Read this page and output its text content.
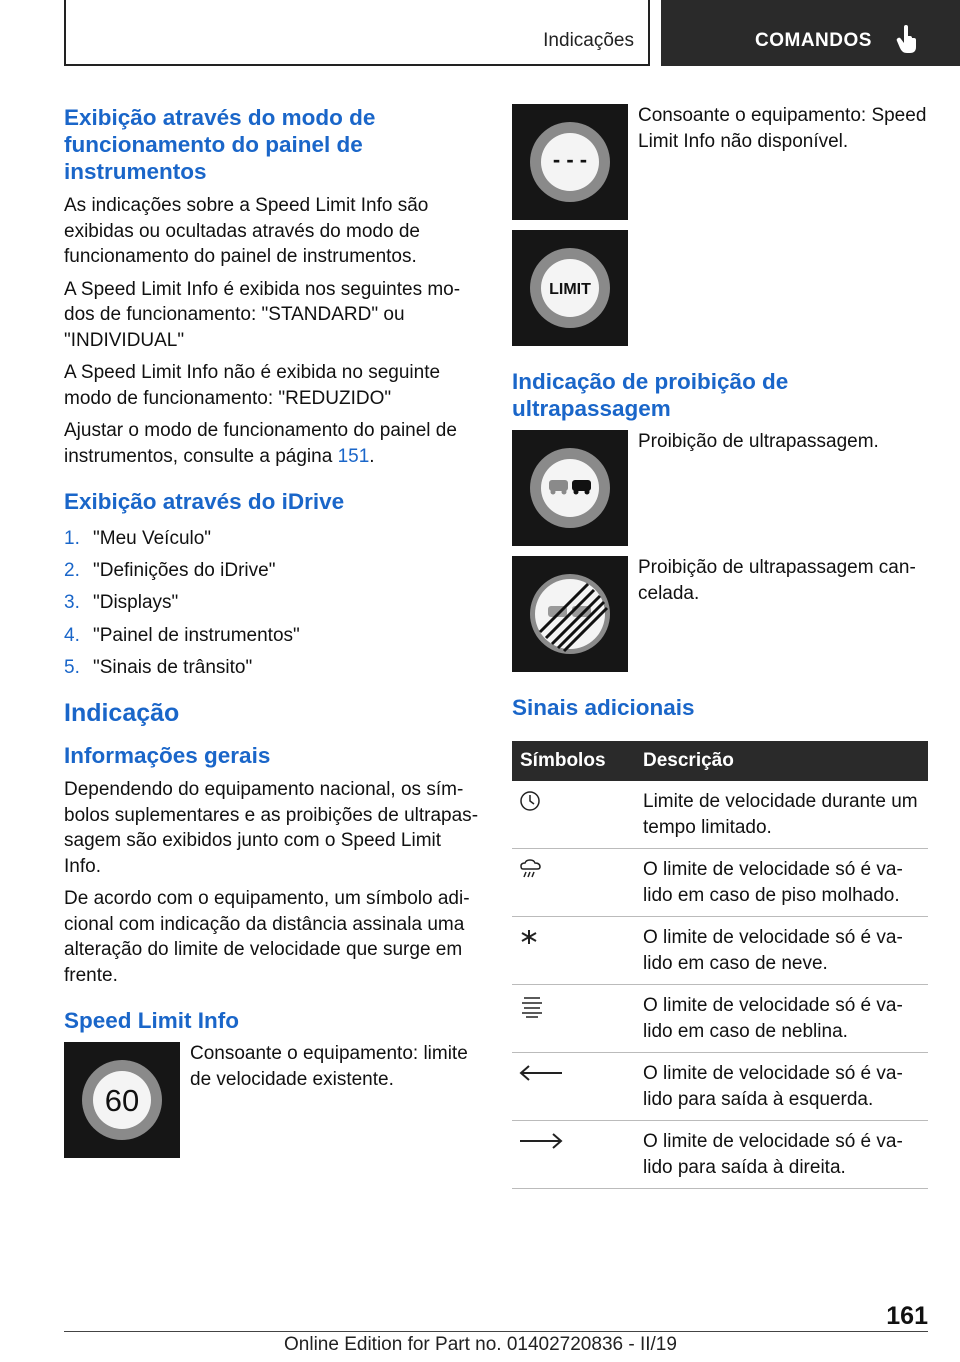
Indicações	COMANDOS
Exibição através do modo de funcionamento do painel de instrumentos

As indicações sobre a Speed Limit Info são exibidas ou ocultadas através do modo de funcionamento do painel de instrumentos.

A Speed Limit Info é exibida nos seguintes modos de funcionamento: "STANDARD" ou "INDIVIDUAL"

A Speed Limit Info não é exibida no seguinte modo de funcionamento: "REDUZIDO"

Ajustar o modo de funcionamento do painel de instrumentos, consulte a página 151.

Exibição através do iDrive
1. "Meu Veículo"
2. "Definições do iDrive"
3. "Displays"
4. "Painel de instrumentos"
5. "Sinais de trânsito"
Indicação
Informações gerais

Dependendo do equipamento nacional, os símbolos suplementares e as proibições de ultrapassagem são exibidos junto com o Speed Limit Info.

De acordo com o equipamento, um símbolo adicional com indicação da distância assinala uma alteração do limite de velocidade que surge em frente.

Speed Limit Info
60

Consoante o equipamento: limite de velocidade existente.

- - -

Consoante o equipamento: Speed Limit Info não disponível.

LIMIT
Indicação de proibição de ultrapassagem

Proibição de ultrapassagem.

Proibição de ultrapassagem cancelada.

Sinais adicionais
Símbolos	Descrição
	Limite de velocidade durante um tempo limitado.
	O limite de velocidade só é valido em caso de piso molhado.
	O limite de velocidade só é valido em caso de neve.
	O limite de velocidade só é valido em caso de neblina.
	O limite de velocidade só é valido para saída à esquerda.
	O limite de velocidade só é valido para saída à direita.
161
Online Edition for Part no. 01402720836 - II/19
